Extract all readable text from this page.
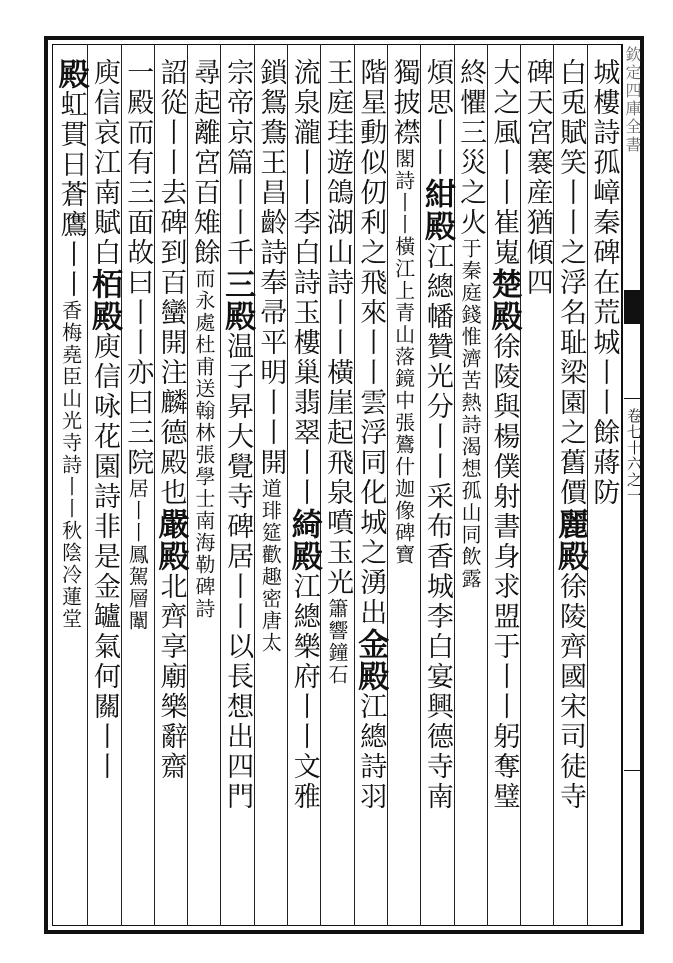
城樓詩孤嶂秦碑在荒城丨丨餘蔣防
白兎賦笑丨丨之浮名耻梁園之舊價麗殿徐陵齊國宋司徒寺
碑天宮褰産猶傾四
大之風丨丨崔嵬楚殿徐陵與楊僕射書身求盟于丨丨躬奪璧
終懼三災之火于秦庭錢惟濟苦熱詩渴想孤山同飲露
煩思丨丨紺殿江總幡贊光分丨丨采布香城李白宴興德寺南
獨披襟閣詩丨丨橫江上青山落鏡中張鷟什迦像碑寶
階星動似仞利之飛來丨丨雲浮同化城之湧出金殿江總詩羽
王庭珪遊鴿湖山詩丨丨橫崖起飛泉噴玉光簫響鐘石
流泉瀧丨丨李白詩玉樓巢翡翠丨丨綺殿江總樂府丨丨文雅
鎖鴛鴦王昌齡詩奉帚平明丨丨開道琲筵歡趣密唐太
宗帝京篇丨丨千三殿温子昇大覺寺碑居丨丨以長想出四門
尋起離宮百雉餘而永處杜甫送翰林張學士南海勒碑詩
詔從丨丨去碑到百蠻開注麟德殿也嚴殿北齊享廟樂辭齋
一殿而有三面故曰丨丨亦曰三院居丨丨鳳駕層闈
庾信哀江南賦白栢殿庾信咏花園詩非是金罏氣何關丨丨
殿虹貫日蒼鷹丨丨香梅堯臣山光寺詩丨丨秋陰冷蓮堂
欽定四庫全書
卷七十六之一
